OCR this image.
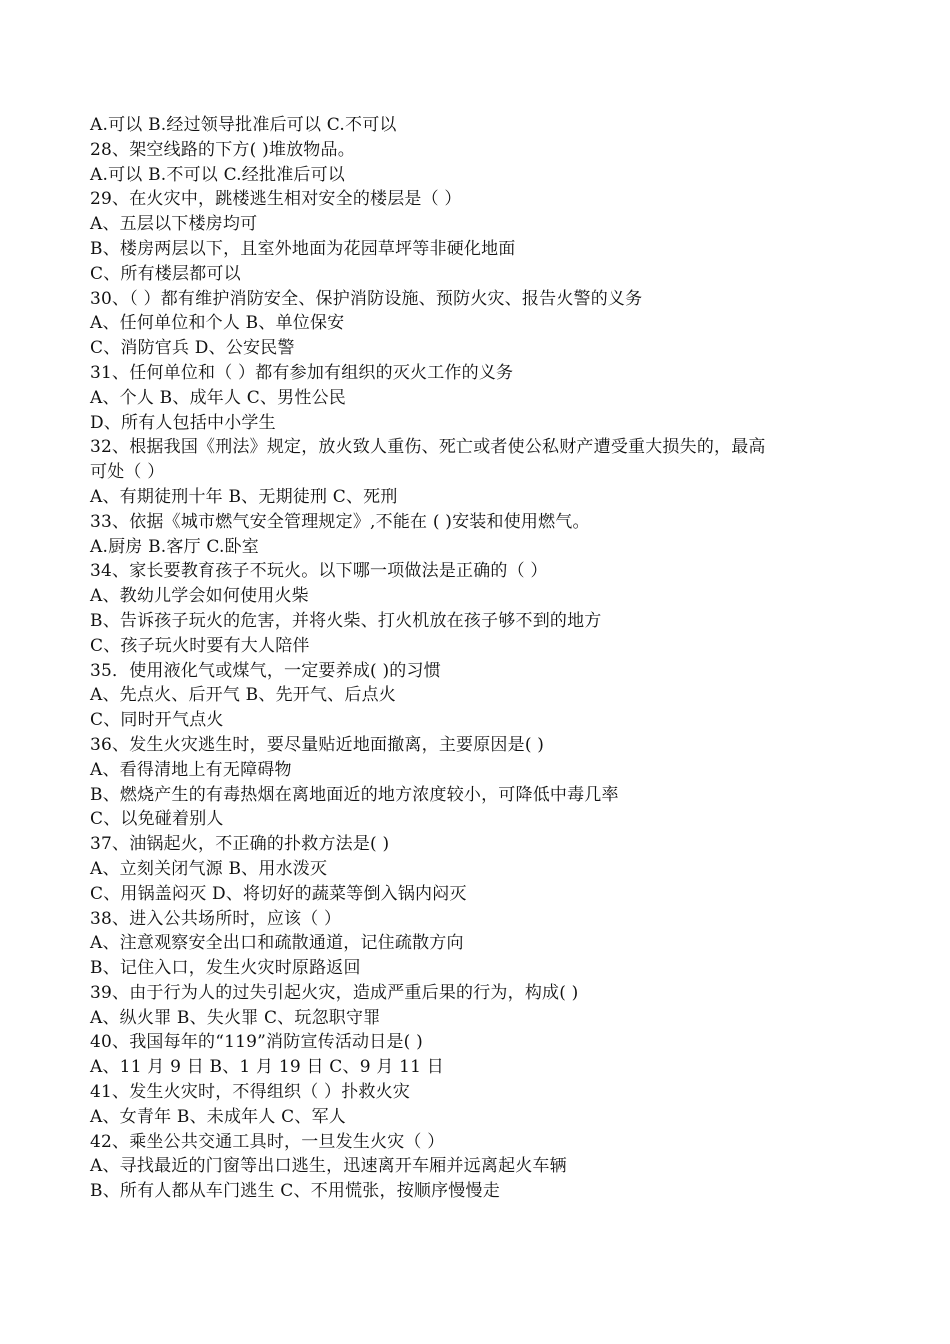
A.可以 B.经过领导批准后可以 C.不可以

28、架空线路的下方( )堆放物品。

A.可以 B.不可以 C.经批准后可以

29、在火灾中，跳楼逃生相对安全的楼层是（ ）

A、五层以下楼房均可

B、楼房两层以下，且室外地面为花园草坪等非硬化地面

C、所有楼层都可以

30、（ ）都有维护消防安全、保护消防设施、预防火灾、报告火警的义务

A、任何单位和个人 B、单位保安

C、消防官兵 D、公安民警

31、任何单位和（ ）都有参加有组织的灭火工作的义务

A、个人 B、成年人 C、男性公民

D、所有人包括中小学生

32、根据我国《刑法》规定，放火致人重伤、死亡或者使公私财产遭受重大损失的，最高

可处（ ）

A、有期徒刑十年 B、无期徒刑 C、死刑

33、依据《城市燃气安全管理规定》,不能在 ( )安装和使用燃气。

A.厨房 B.客厅 C.卧室

34、家长要教育孩子不玩火。以下哪一项做法是正确的（ ）

A、教幼儿学会如何使用火柴

B、告诉孩子玩火的危害，并将火柴、打火机放在孩子够不到的地方

C、孩子玩火时要有大人陪伴

35．使用液化气或煤气，一定要养成( )的习惯

A、先点火、后开气 B、先开气、后点火

C、同时开气点火

36、发生火灾逃生时，要尽量贴近地面撤离，主要原因是( )

A、看得清地上有无障碍物

B、燃烧产生的有毒热烟在离地面近的地方浓度较小，可降低中毒几率

C、以免碰着别人

37、油锅起火，不正确的扑救方法是( )

A、立刻关闭气源 B、用水泼灭

C、用锅盖闷灭 D、将切好的蔬菜等倒入锅内闷灭

38、进入公共场所时，应该（ ）

A、注意观察安全出口和疏散通道，记住疏散方向

B、记住入口，发生火灾时原路返回

39、由于行为人的过失引起火灾，造成严重后果的行为，构成( )

A、纵火罪 B、失火罪 C、玩忽职守罪

40、我国每年的“119”消防宣传活动日是( )

A、11 月 9 日 B、1 月 19 日 C、9 月 11 日

41、发生火灾时，不得组织（ ）扑救火灾

A、女青年 B、未成年人 C、军人

42、乘坐公共交通工具时，一旦发生火灾（ ）

A、寻找最近的门窗等出口逃生，迅速离开车厢并远离起火车辆

B、所有人都从车门逃生 C、不用慌张，按顺序慢慢走
